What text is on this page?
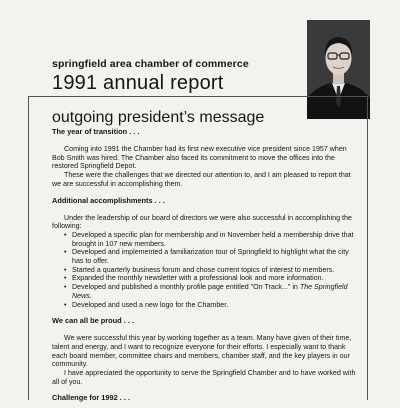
springfield area chamber of commerce

1991 annual report
outgoing president’s message

The year of transition . . .

Coming into 1991 the Chamber had its first new executive vice president since 1957 when Bob Smith was hired. The Chamber also faced its commitment to move the offices into the restored Springfield Depot.

These were the challenges that we directed our attention to, and I am pleased to report that we are successful in accomplishing them.

Additional accomplishments . . .

Under the leadership of our board of directors we were also successful in accomplishing the following:

• Developed a specific plan for membership and in November held a membership drive that brought in 107 new members.
• Developed and implemented a familiarization tour of Springfield to highlight what the city has to offer.
• Started a quarterly business forum and chose current topics of interest to members.
• Expanded the monthly newsletter with a professional look and more information.
• Developed and published a monthly profile page entitled "On Track..." in The Springfield News.
• Developed and used a new logo for the Chamber.

We can all be proud . . .

We were successful this year by working together as a team. Many have given of their time, talent and energy, and I want to recognize everyone for their efforts. I especially want to thank each board member, committee chairs and members, chamber staff, and the key players in our community.

I have appreciated the opportunity to serve the Springfield Chamber and to have worked with all of you.

Challenge for 1992 . . .
